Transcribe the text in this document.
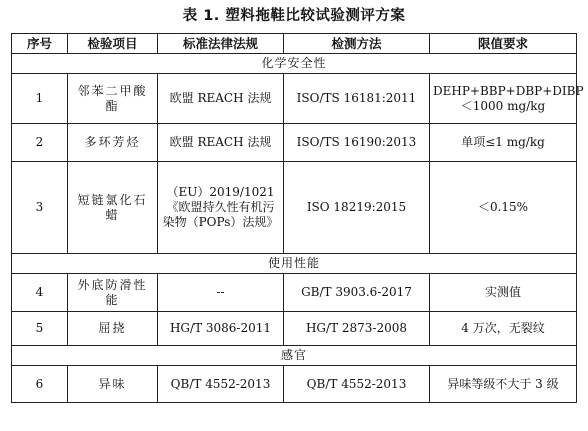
表 1. 塑料拖鞋比较试验测评方案
序号	检验项目	标准法律法规	检测方法	限值要求
化学安全性				
1	邻苯二甲酸酯	欧盟 REACH 法规	ISO/TS 16181:2011	DEHP+BBP+DBP+DIBP＜1000 mg/kg
2	多环芳烃	欧盟 REACH 法规	ISO/TS 16190:2013	单项≤1 mg/kg
3	短链氯化石蜡	（EU）2019/1021《欧盟持久性有机污染物（POPs）法规》	ISO 18219:2015	＜0.15%
使用性能				
4	外底防滑性能	--	GB/T 3903.6-2017	实测值
5	屈挠	HG/T 3086-2011	HG/T 2873-2008	4 万次，无裂纹
感官				
6	异味	QB/T 4552-2013	QB/T 4552-2013	异味等级不大于 3 级
